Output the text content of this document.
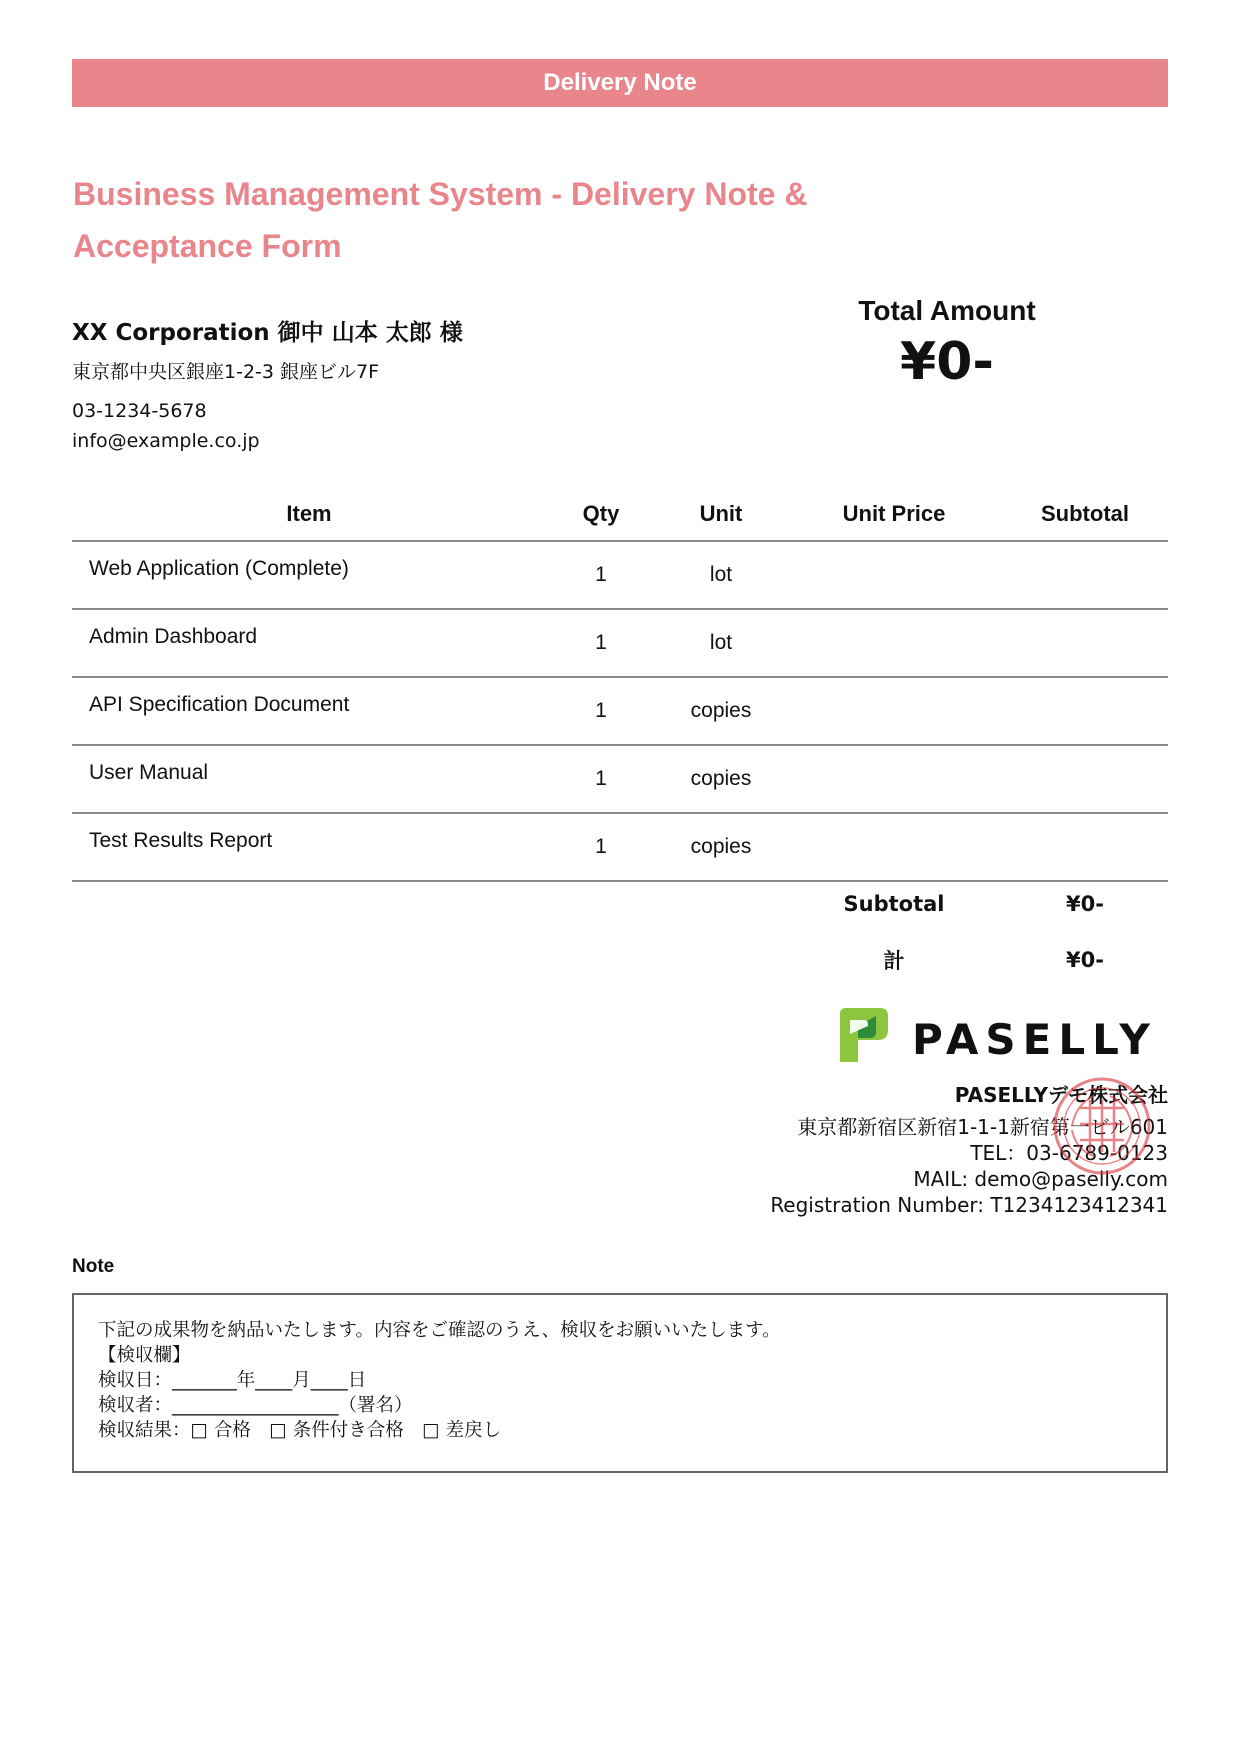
Delivery Note
Business Management System - Delivery Note & Acceptance Form
XX Corporation 御中 山本 太郎 様
東京都中央区銀座1-2-3 銀座ビル7F
03-1234-5678
info@example.co.jp
Total Amount
¥0-
Item	Qty	Unit	Unit Price	Subtotal
Web Application (Complete)	1	lot		
Admin Dashboard	1	lot		
API Specification Document	1	copies		
User Manual	1	copies		
Test Results Report	1	copies		
Subtotal	¥0-
計	¥0-
PASELLY
PASELLYデモ株式会社
東京都新宿区新宿1-1-1新宿第一ビル601
TEL：03-6789-0123
MAIL: demo@paselly.com
Registration Number: T1234123412341
Note
下記の成果物を納品いたします。内容をご確認のうえ、検収をお願いいたします。
【検収欄】
検収日：_______年____月____日
検収者：__________________（署名）
検収結果：□ 合格　□ 条件付き合格　□ 差戻し
